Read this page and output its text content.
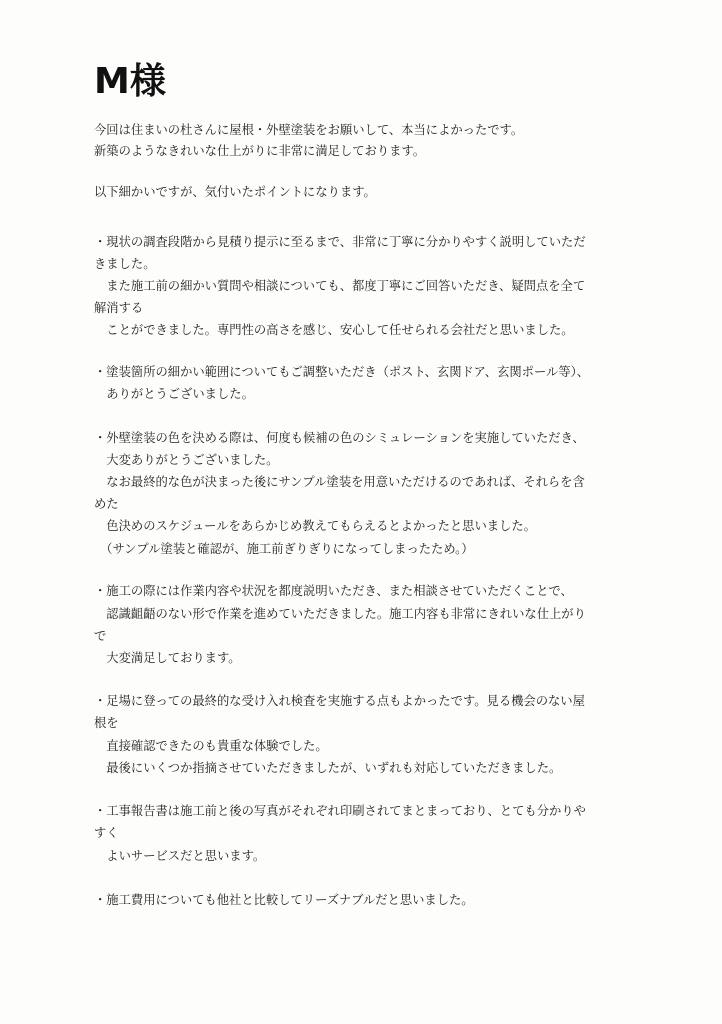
M様
今回は住まいの杜さんに屋根・外壁塗装をお願いして、本当によかったです。
新築のようなきれいな仕上がりに非常に満足しております。
以下細かいですが、気付いたポイントになります。
・現状の調査段階から見積り提示に至るまで、非常に丁寧に分かりやすく説明していただ
きました。
　また施工前の細かい質問や相談についても、都度丁寧にご回答いただき、疑問点を全て
解消する
　ことができました。専門性の高さを感じ、安心して任せられる会社だと思いました。
・塗装箇所の細かい範囲についてもご調整いただき（ポスト、玄関ドア、玄関ポール等）、
　ありがとうございました。
・外壁塗装の色を決める際は、何度も候補の色のシミュレーションを実施していただき、
　大変ありがとうございました。
　なお最終的な色が決まった後にサンプル塗装を用意いただけるのであれば、それらを含
めた
　色決めのスケジュールをあらかじめ教えてもらえるとよかったと思いました。
　（サンプル塗装と確認が、施工前ぎりぎりになってしまったため。）
・施工の際には作業内容や状況を都度説明いただき、また相談させていただくことで、
　認識齟齬のない形で作業を進めていただきました。施工内容も非常にきれいな仕上がり
で
　大変満足しております。
・足場に登っての最終的な受け入れ検査を実施する点もよかったです。見る機会のない屋
根を
　直接確認できたのも貴重な体験でした。
　最後にいくつか指摘させていただきましたが、いずれも対応していただきました。
・工事報告書は施工前と後の写真がそれぞれ印刷されてまとまっており、とても分かりや
すく
　よいサービスだと思います。
・施工費用についても他社と比較してリーズナブルだと思いました。
